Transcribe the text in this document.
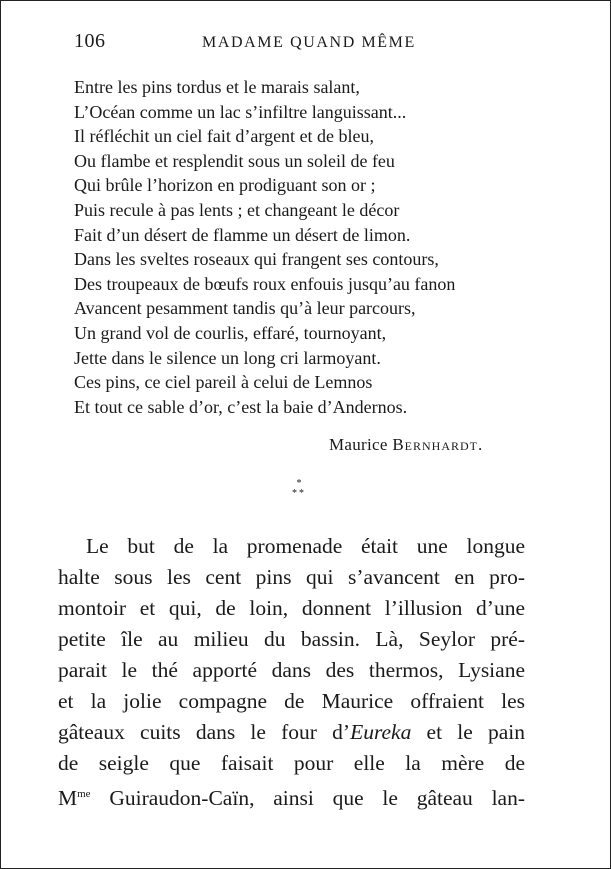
106	MADAME QUAND MÊME
Entre les pins tordus et le marais salant,
L’Océan comme un lac s’infiltre languissant...
Il réfléchit un ciel fait d’argent et de bleu,
Ou flambe et resplendit sous un soleil de feu
Qui brûle l’horizon en prodiguant son or ;
Puis recule à pas lents ; et changeant le décor
Fait d’un désert de flamme un désert de limon.
Dans les sveltes roseaux qui frangent ses contours,
Des troupeaux de bœufs roux enfouis jusqu’au fanon
Avancent pesamment tandis qu’à leur parcours,
Un grand vol de courlis, effaré, tournoyant,
Jette dans le silence un long cri larmoyant.
Ces pins, ce ciel pareil à celui de Lemnos
Et tout ce sable d’or, c’est la baie d’Andernos.
Maurice Bernhardt.
*
**
Le but de la promenade était une longue
halte sous les cent pins qui s’avancent en pro-
montoir et qui, de loin, donnent l’illusion d’une
petite île au milieu du bassin. Là, Seylor pré-
parait le thé apporté dans des thermos, Lysiane
et la jolie compagne de Maurice offraient les
gâteaux cuits dans le four d’Eureka et le pain
de seigle que faisait pour elle la mère de
$M^{me}$ Guiraudon-Caïn, ainsi que le gâteau lan-
